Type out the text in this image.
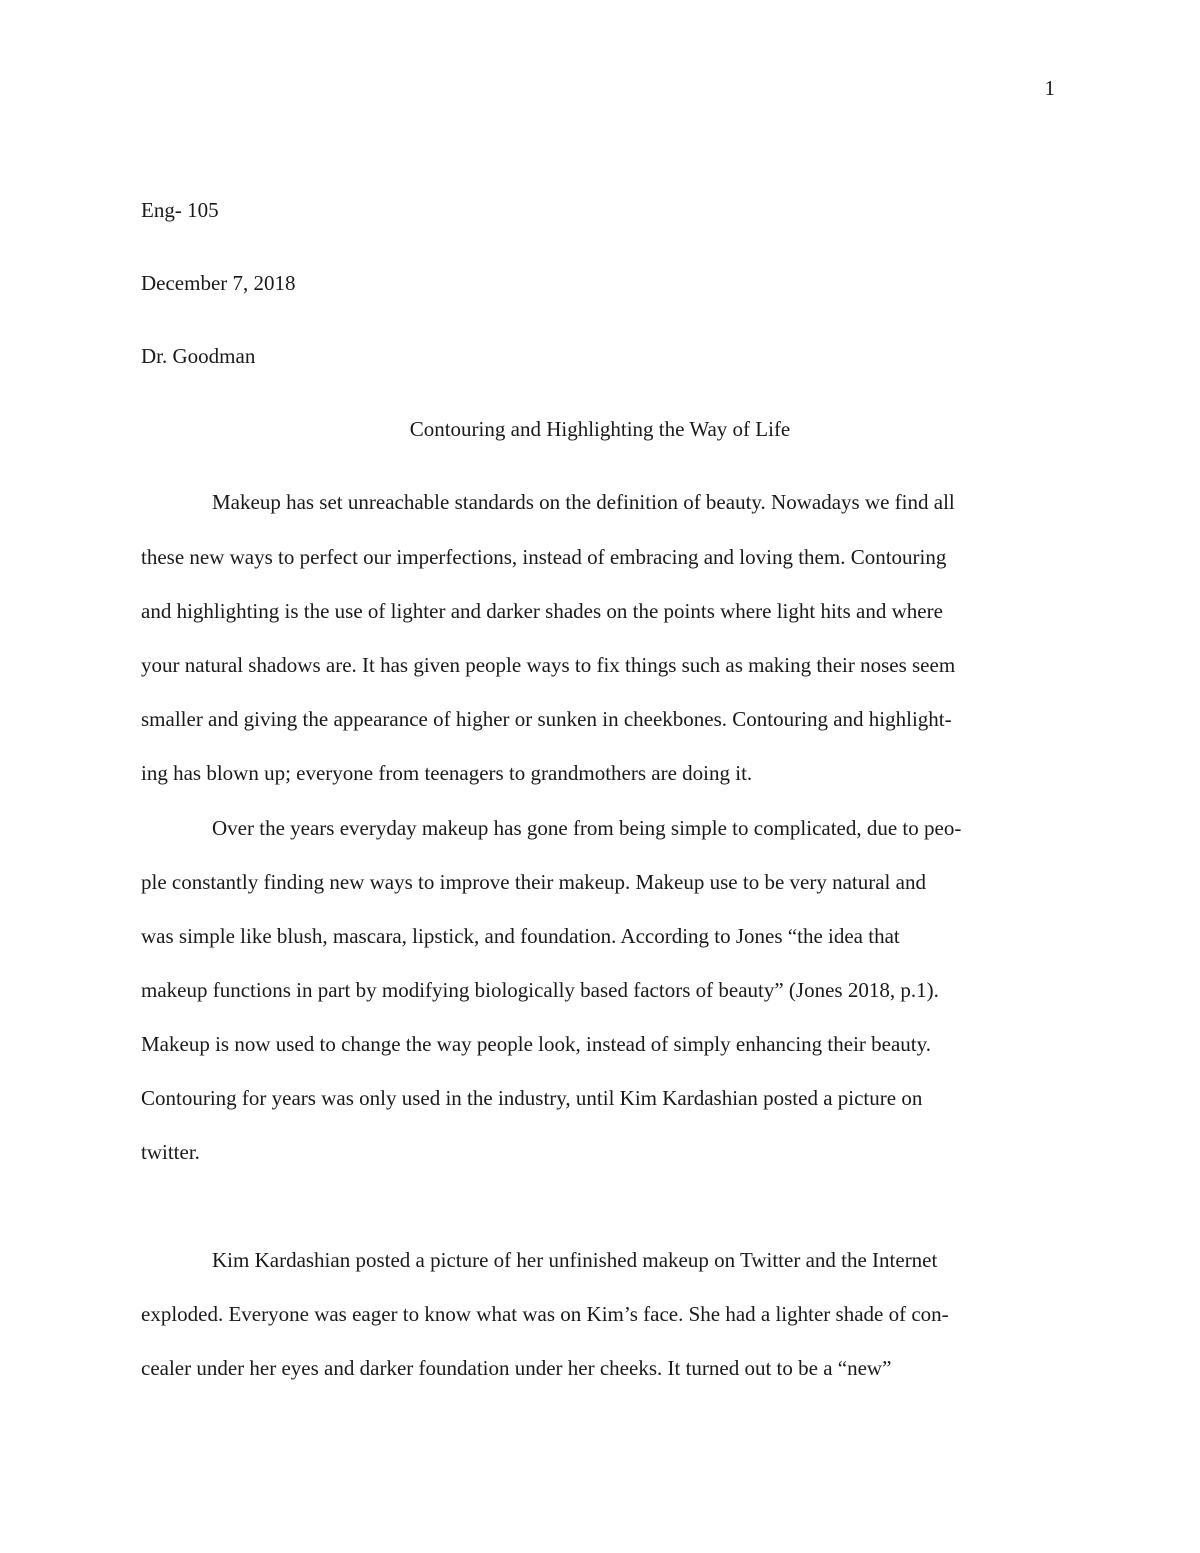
1
Eng- 105
December 7, 2018
Dr. Goodman
Contouring and Highlighting the Way of Life
Makeup has set unreachable standards on the definition of beauty. Nowadays we find all
these new ways to perfect our imperfections, instead of embracing and loving them. Contouring
and highlighting is the use of lighter and darker shades on the points where light hits and where
your natural shadows are. It has given people ways to fix things such as making their noses seem
smaller and giving the appearance of higher or sunken in cheekbones. Contouring and highlight-
ing has blown up; everyone from teenagers to grandmothers are doing it.
Over the years everyday makeup has gone from being simple to complicated, due to peo-
ple constantly finding new ways to improve their makeup. Makeup use to be very natural and
was simple like blush, mascara, lipstick, and foundation. According to Jones “the idea that
makeup functions in part by modifying biologically based factors of beauty” (Jones 2018, p.1).
Makeup is now used to change the way people look, instead of simply enhancing their beauty.
Contouring for years was only used in the industry, until Kim Kardashian posted a picture on
twitter.
Kim Kardashian posted a picture of her unfinished makeup on Twitter and the Internet
exploded. Everyone was eager to know what was on Kim’s face. She had a lighter shade of con-
cealer under her eyes and darker foundation under her cheeks. It turned out to be a “new”
